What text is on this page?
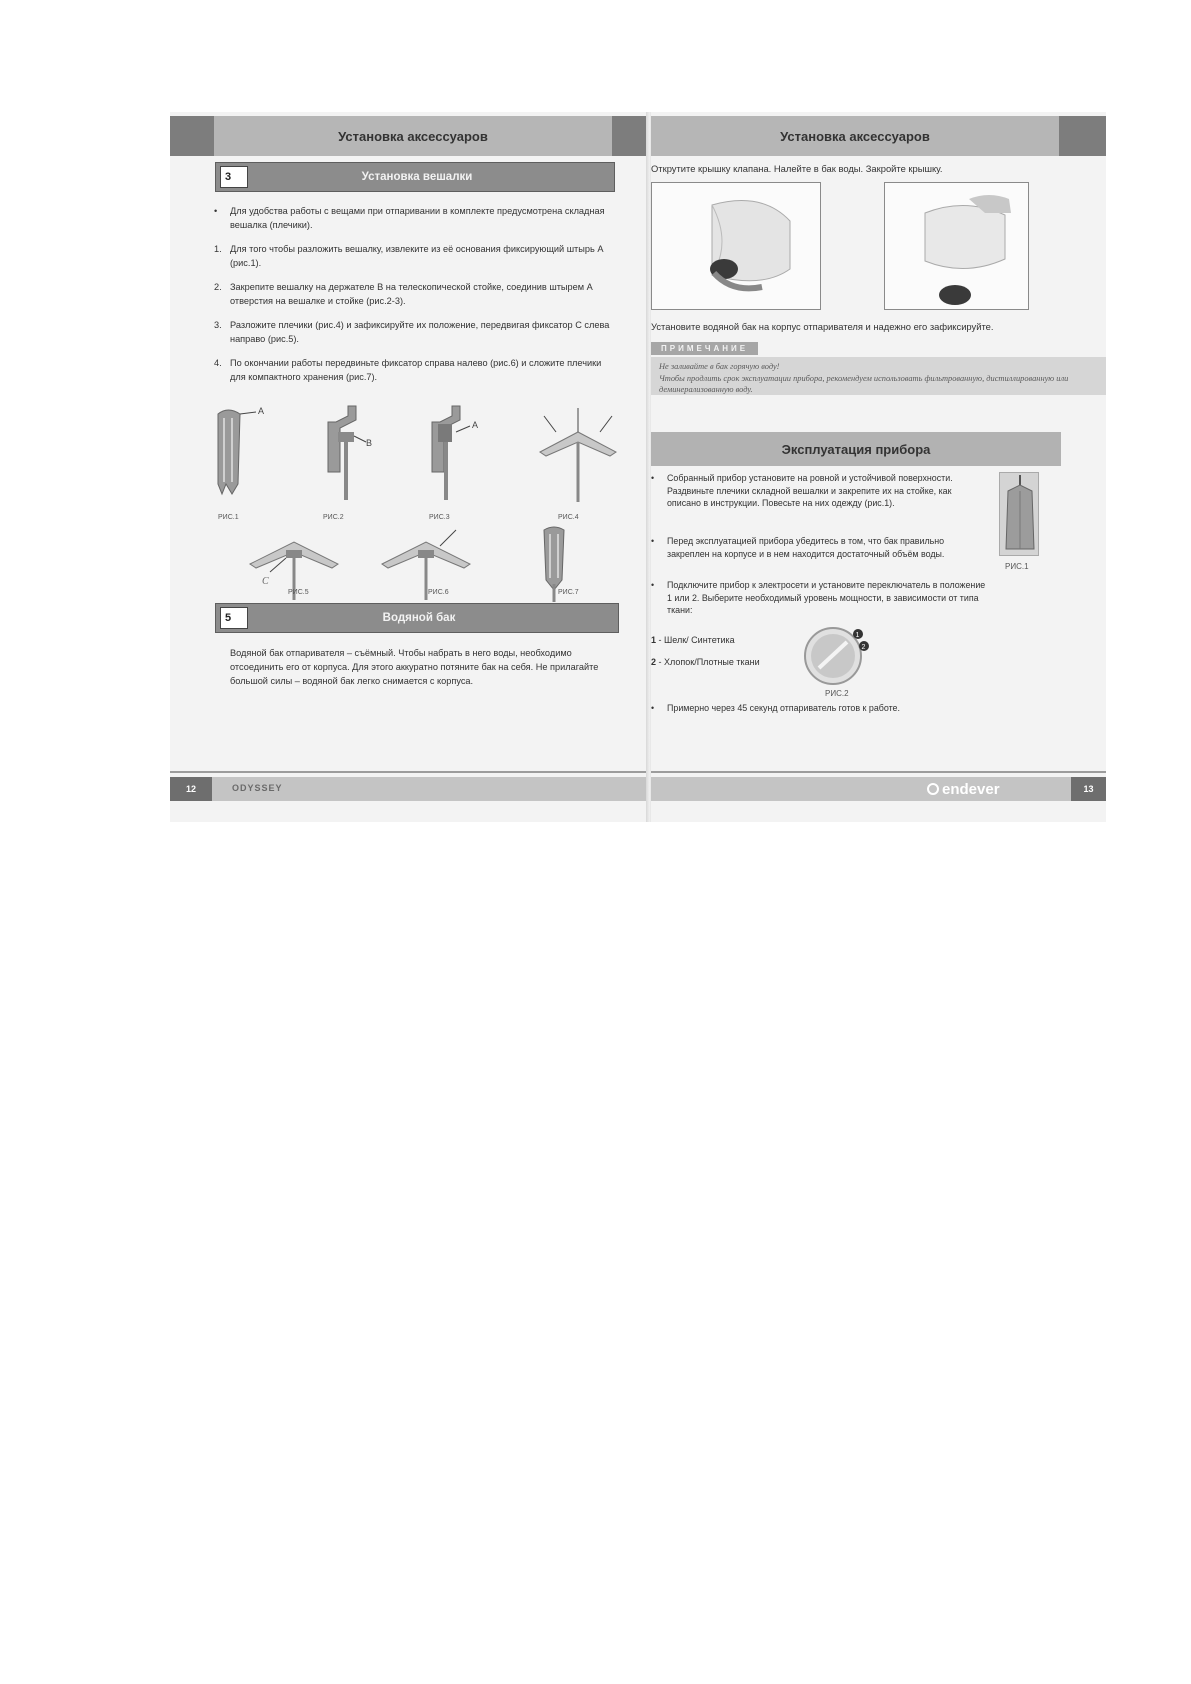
Установка аксессуаров
3	Установка вешалки
•	Для удобства работы с вещами при отпаривании в комплекте предусмотрена складная вешалка (плечики).
1. Для того чтобы разложить вешалку, извлеките из её основания фиксирующий штырь A (рис.1).
2. Закрепите вешалку на держателе B на телескопической стойке, соединив штырем A отверстия на вешалке и стойке (рис.2-3).
3. Разложите плечики (рис.4) и зафиксируйте их положение, передвигая фиксатор C слева направо (рис.5).
4. По окончании работы передвиньте фиксатор справа налево (рис.6) и сложите плечики для компактного хранения (рис.7).
A
B
A
РИС.1	РИС.2	РИС.3	РИС.4
C
РИС.5	РИС.6	РИС.7
5	Водяной бак
Водяной бак отпаривателя – съёмный. Чтобы набрать в него воды, необходимо отсоединить его от корпуса. Для этого аккуратно потяните бак на себя. Не прилагайте большой силы – водяной бак легко снимается с корпуса.
12	ODYSSEY
Установка аксессуаров
Открутите крышку клапана. Налейте в бак воды. Закройте крышку.
Установите водяной бак на корпус отпаривателя и надежно его зафиксируйте.
ПРИМЕЧАНИЕ
Не заливайте в бак горячую воду!
Чтобы продлить срок эксплуатации прибора, рекомендуем использовать фильтрованную, дистиллированную или деминерализованную воду.
Эксплуатация прибора
•	Собранный прибор установите на ровной и устойчивой поверхности. Раздвиньте плечики складной вешалки и закрепите их на стойке, как описано в инструкции. Повесьте на них одежду (рис.1).
•	Перед эксплуатацией прибора убедитесь в том, что бак правильно закреплен на корпусе и в нем находится достаточный объём воды.
•	Подключите прибор к электросети и установите переключатель в положение 1 или 2. Выберите необходимый уровень мощности, в зависимости от типа ткани:
РИС.1
1 - Шелк/ Синтетика
2 - Хлопок/Плотные ткани
1
2
РИС.2
•	Примерно через 45 секунд отпариватель готов к работе.
endever	13
